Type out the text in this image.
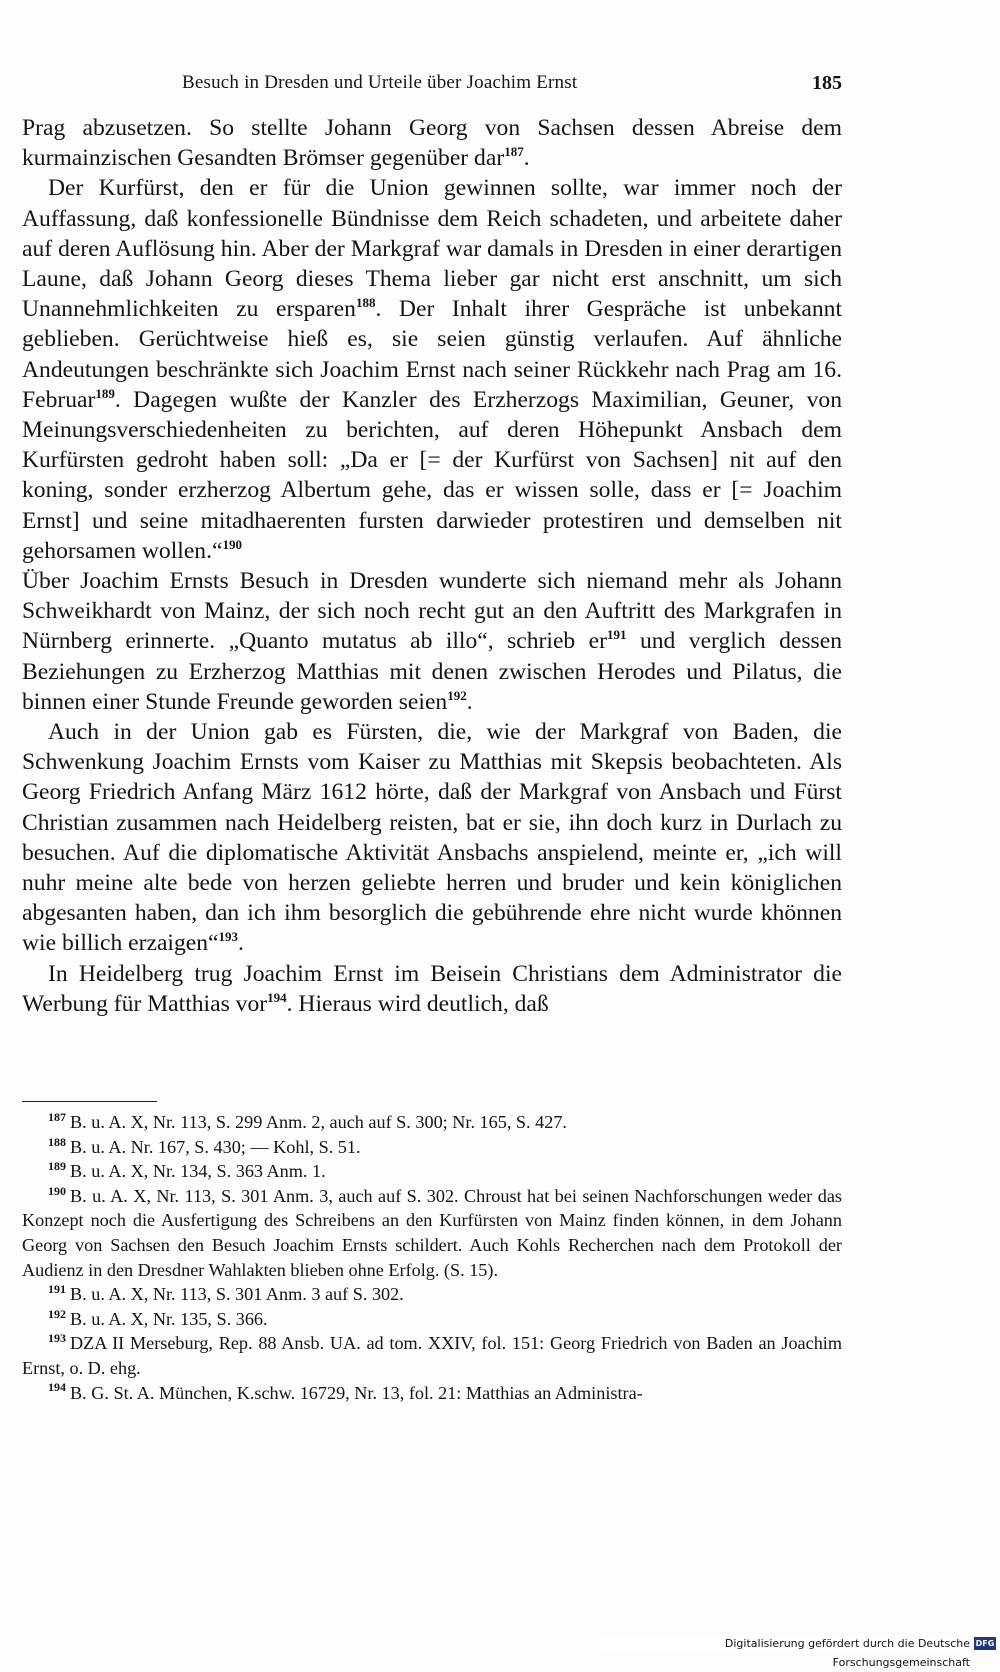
Besuch in Dresden und Urteile über Joachim Ernst	185

Prag abzusetzen. So stellte Johann Georg von Sachsen dessen Abreise dem kurmainzischen Gesandten Brömser gegenüber dar$^{187}$.

Der Kurfürst, den er für die Union gewinnen sollte, war immer noch der Auffassung, daß konfessionelle Bündnisse dem Reich schadeten, und arbeitete daher auf deren Auflösung hin. Aber der Markgraf war damals in Dresden in einer derartigen Laune, daß Johann Georg dieses Thema lieber gar nicht erst anschnitt, um sich Unannehmlichkeiten zu ersparen$^{188}$. Der Inhalt ihrer Gespräche ist unbekannt geblieben. Gerüchtweise hieß es, sie seien günstig verlaufen. Auf ähnliche Andeutungen beschränkte sich Joachim Ernst nach seiner Rückkehr nach Prag am 16. Februar$^{189}$. Dagegen wußte der Kanzler des Erzherzogs Maximilian, Geuner, von Meinungsverschiedenheiten zu berichten, auf deren Höhepunkt Ansbach dem Kurfürsten gedroht haben soll: „Da er [= der Kurfürst von Sachsen] nit auf den koning, sonder erzherzog Albertum gehe, das er wissen solle, dass er [= Joachim Ernst] und seine mitadhaerenten fursten darwieder protestiren und demselben nit gehorsamen wollen.“$^{190}$

Über Joachim Ernsts Besuch in Dresden wunderte sich niemand mehr als Johann Schweikhardt von Mainz, der sich noch recht gut an den Auftritt des Markgrafen in Nürnberg erinnerte. „Quanto mutatus ab illo“, schrieb er$^{191}$ und verglich dessen Beziehungen zu Erzherzog Matthias mit denen zwischen Herodes und Pilatus, die binnen einer Stunde Freunde geworden seien$^{192}$.

Auch in der Union gab es Fürsten, die, wie der Markgraf von Baden, die Schwenkung Joachim Ernsts vom Kaiser zu Matthias mit Skepsis beobachteten. Als Georg Friedrich Anfang März 1612 hörte, daß der Markgraf von Ansbach und Fürst Christian zusammen nach Heidelberg reisten, bat er sie, ihn doch kurz in Durlach zu besuchen. Auf die diplomatische Aktivität Ansbachs anspielend, meinte er, „ich will nuhr meine alte bede von herzen geliebte herren und bruder und kein königlichen abgesanten haben, dan ich ihm besorglich die gebührende ehre nicht wurde khönnen wie billich erzaigen“$^{193}$.

In Heidelberg trug Joachim Ernst im Beisein Christians dem Administrator die Werbung für Matthias vor$^{194}$. Hieraus wird deutlich, daß

$^{187}$ B. u. A. X, Nr. 113, S. 299 Anm. 2, auch auf S. 300; Nr. 165, S. 427.

$^{188}$ B. u. A. Nr. 167, S. 430; — Kohl, S. 51.

$^{189}$ B. u. A. X, Nr. 134, S. 363 Anm. 1.

$^{190}$ B. u. A. X, Nr. 113, S. 301 Anm. 3, auch auf S. 302. Chroust hat bei seinen Nachforschungen weder das Konzept noch die Ausfertigung des Schreibens an den Kurfürsten von Mainz finden können, in dem Johann Georg von Sachsen den Besuch Joachim Ernsts schildert. Auch Kohls Recherchen nach dem Protokoll der Audienz in den Dresdner Wahlakten blieben ohne Erfolg. (S. 15).

$^{191}$ B. u. A. X, Nr. 113, S. 301 Anm. 3 auf S. 302.

$^{192}$ B. u. A. X, Nr. 135, S. 366.

$^{193}$ DZA II Merseburg, Rep. 88 Ansb. UA. ad tom. XXIV, fol. 151: Georg Friedrich von Baden an Joachim Ernst, o. D. ehg.

$^{194}$ B. G. St. A. München, K.schw. 16729, Nr. 13, fol. 21: Matthias an Administra-

Digitalisierung gefördert durch die Deutsche Forschungsgemeinschaft
DFG
